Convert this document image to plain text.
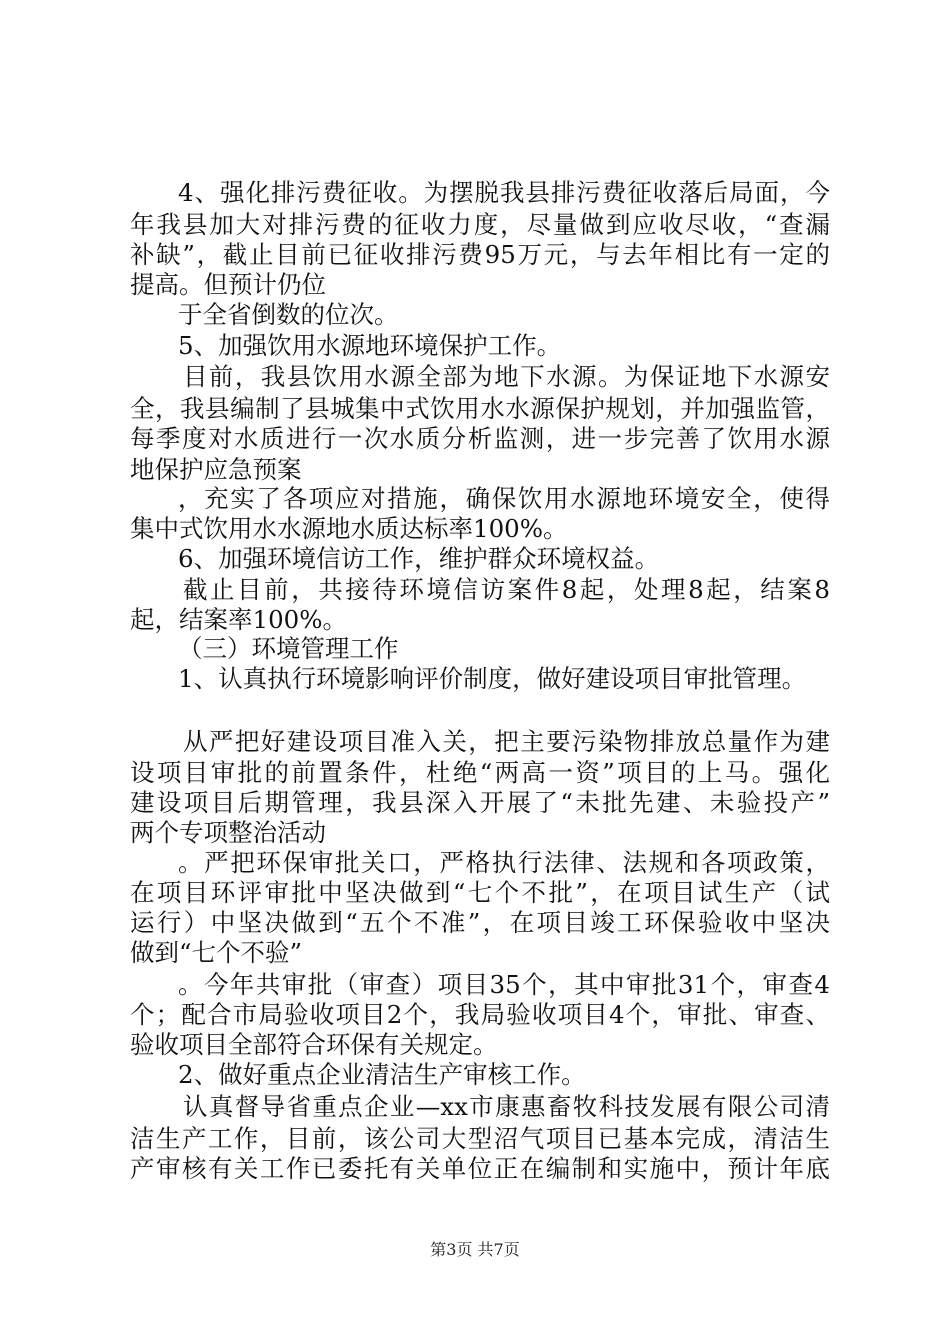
4、强化排污费征收。为摆脱我县排污费征收落后局面，今

年我县加大对排污费的征收力度，尽量做到应收尽收，“查漏

补缺”，截止目前已征收排污费95万元，与去年相比有一定的

提高。但预计仍位

于全省倒数的位次。

5、加强饮用水源地环境保护工作。

目前，我县饮用水源全部为地下水源。为保证地下水源安

全，我县编制了县城集中式饮用水水源保护规划，并加强监管，

每季度对水质进行一次水质分析监测，进一步完善了饮用水源

地保护应急预案

，充实了各项应对措施，确保饮用水源地环境安全，使得

集中式饮用水水源地水质达标率100%。

6、加强环境信访工作，维护群众环境权益。

截止目前，共接待环境信访案件8起，处理8起，结案8

起，结案率100%。

（三）环境管理工作

1、认真执行环境影响评价制度，做好建设项目审批管理。

从严把好建设项目准入关，把主要污染物排放总量作为建

设项目审批的前置条件，杜绝“两高一资”项目的上马。强化

建设项目后期管理，我县深入开展了“未批先建、未验投产”

两个专项整治活动

。严把环保审批关口，严格执行法律、法规和各项政策，

在项目环评审批中坚决做到“七个不批”，在项目试生产（试

运行）中坚决做到“五个不准”，在项目竣工环保验收中坚决

做到“七个不验”

。今年共审批（审查）项目35个，其中审批31个，审查4

个；配合市局验收项目2个，我局验收项目4个，审批、审查、

验收项目全部符合环保有关规定。

2、做好重点企业清洁生产审核工作。

认真督导省重点企业—xx市康惠畜牧科技发展有限公司清

洁生产工作，目前，该公司大型沼气项目已基本完成，清洁生

产审核有关工作已委托有关单位正在编制和实施中，预计年底

第3页 共7页
